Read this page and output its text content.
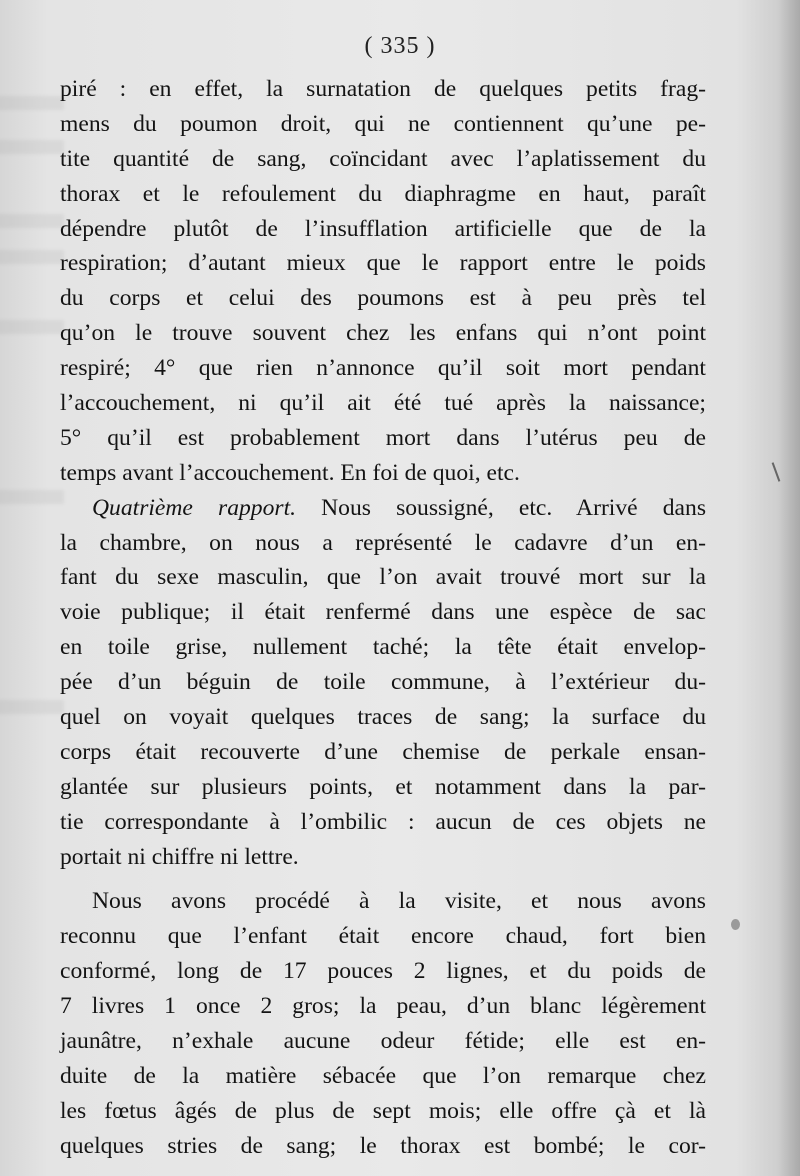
( 335 )
piré : en effet, la surnatation de quelques petits frag-
mens du poumon droit, qui ne contiennent qu’une pe-
tite quantité de sang, coïncidant avec l’aplatissement du
thorax et le refoulement du diaphragme en haut, paraît
dépendre plutôt de l’insufflation artificielle que de la
respiration; d’autant mieux que le rapport entre le poids
du corps et celui des poumons est à peu près tel
qu’on le trouve souvent chez les enfans qui n’ont point
respiré; 4° que rien n’annonce qu’il soit mort pendant
l’accouchement, ni qu’il ait été tué après la naissance;
5° qu’il est probablement mort dans l’utérus peu de
temps avant l’accouchement. En foi de quoi, etc.
Quatrième rapport. Nous soussigné, etc. Arrivé dans
la chambre, on nous a représenté le cadavre d’un en-
fant du sexe masculin, que l’on avait trouvé mort sur la
voie publique; il était renfermé dans une espèce de sac
en toile grise, nullement taché; la tête était envelop-
pée d’un béguin de toile commune, à l’extérieur du-
quel on voyait quelques traces de sang; la surface du
corps était recouverte d’une chemise de perkale ensan-
glantée sur plusieurs points, et notamment dans la par-
tie correspondante à l’ombilic : aucun de ces objets ne
portait ni chiffre ni lettre.
Nous avons procédé à la visite, et nous avons
reconnu que l’enfant était encore chaud, fort bien
conformé, long de 17 pouces 2 lignes, et du poids de
7 livres 1 once 2 gros; la peau, d’un blanc légèrement
jaunâtre, n’exhale aucune odeur fétide; elle est en-
duite de la matière sébacée que l’on remarque chez
les fœtus âgés de plus de sept mois; elle offre çà et là
quelques stries de sang; le thorax est bombé; le cor-
